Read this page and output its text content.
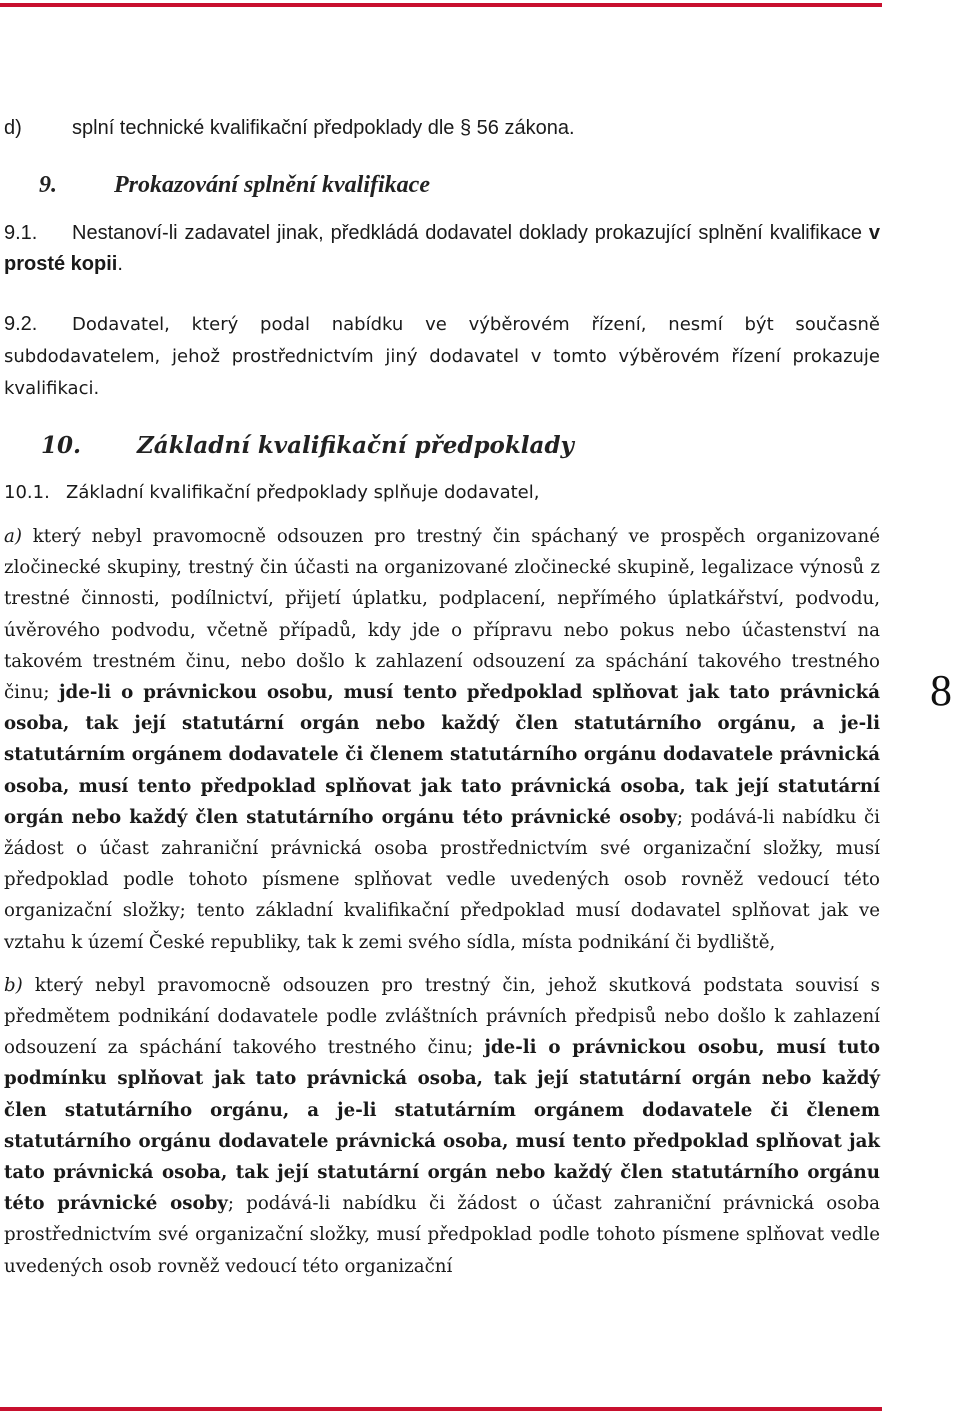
8
d)	splní technické kvalifikační předpoklady dle § 56 zákona.
9. Prokazování splnění kvalifikace

9.1. Nestanoví-li zadavatel jinak, předkládá dodavatel doklady prokazující splnění kvalifikace v prosté kopii.

9.2. Dodavatel, který podal nabídku ve výběrovém řízení, nesmí být současně subdodavatelem, jehož prostřednictvím jiný dodavatel v tomto výběrovém řízení prokazuje kvalifikaci.

10. Základní kvalifikační předpoklady

10.1. Základní kvalifikační předpoklady splňuje dodavatel,

a) který nebyl pravomocně odsouzen pro trestný čin spáchaný ve prospěch organizované zločinecké skupiny, trestný čin účasti na organizované zločinecké skupině, legalizace výnosů z trestné činnosti, podílnictví, přijetí úplatku, podplacení, nepřímého úplatkářství, podvodu, úvěrového podvodu, včetně případů, kdy jde o přípravu nebo pokus nebo účastenství na takovém trestném činu, nebo došlo k zahlazení odsouzení za spáchání takového trestného činu; jde-li o právnickou osobu, musí tento předpoklad splňovat jak tato právnická osoba, tak její statutární orgán nebo každý člen statutárního orgánu, a je-li statutárním orgánem dodavatele či členem statutárního orgánu dodavatele právnická osoba, musí tento předpoklad splňovat jak tato právnická osoba, tak její statutární orgán nebo každý člen statutárního orgánu této právnické osoby; podává-li nabídku či žádost o účast zahraniční právnická osoba prostřednictvím své organizační složky, musí předpoklad podle tohoto písmene splňovat vedle uvedených osob rovněž vedoucí této organizační složky; tento základní kvalifikační předpoklad musí dodavatel splňovat jak ve vztahu k území České republiky, tak k zemi svého sídla, místa podnikání či bydliště,

b) který nebyl pravomocně odsouzen pro trestný čin, jehož skutková podstata souvisí s předmětem podnikání dodavatele podle zvláštních právních předpisů nebo došlo k zahlazení odsouzení za spáchání takového trestného činu; jde-li o právnickou osobu, musí tuto podmínku splňovat jak tato právnická osoba, tak její statutární orgán nebo každý člen statutárního orgánu, a je-li statutárním orgánem dodavatele či členem statutárního orgánu dodavatele právnická osoba, musí tento předpoklad splňovat jak tato právnická osoba, tak její statutární orgán nebo každý člen statutárního orgánu této právnické osoby; podává-li nabídku či žádost o účast zahraniční právnická osoba prostřednictvím své organizační složky, musí předpoklad podle tohoto písmene splňovat vedle uvedených osob rovněž vedoucí této organizační
